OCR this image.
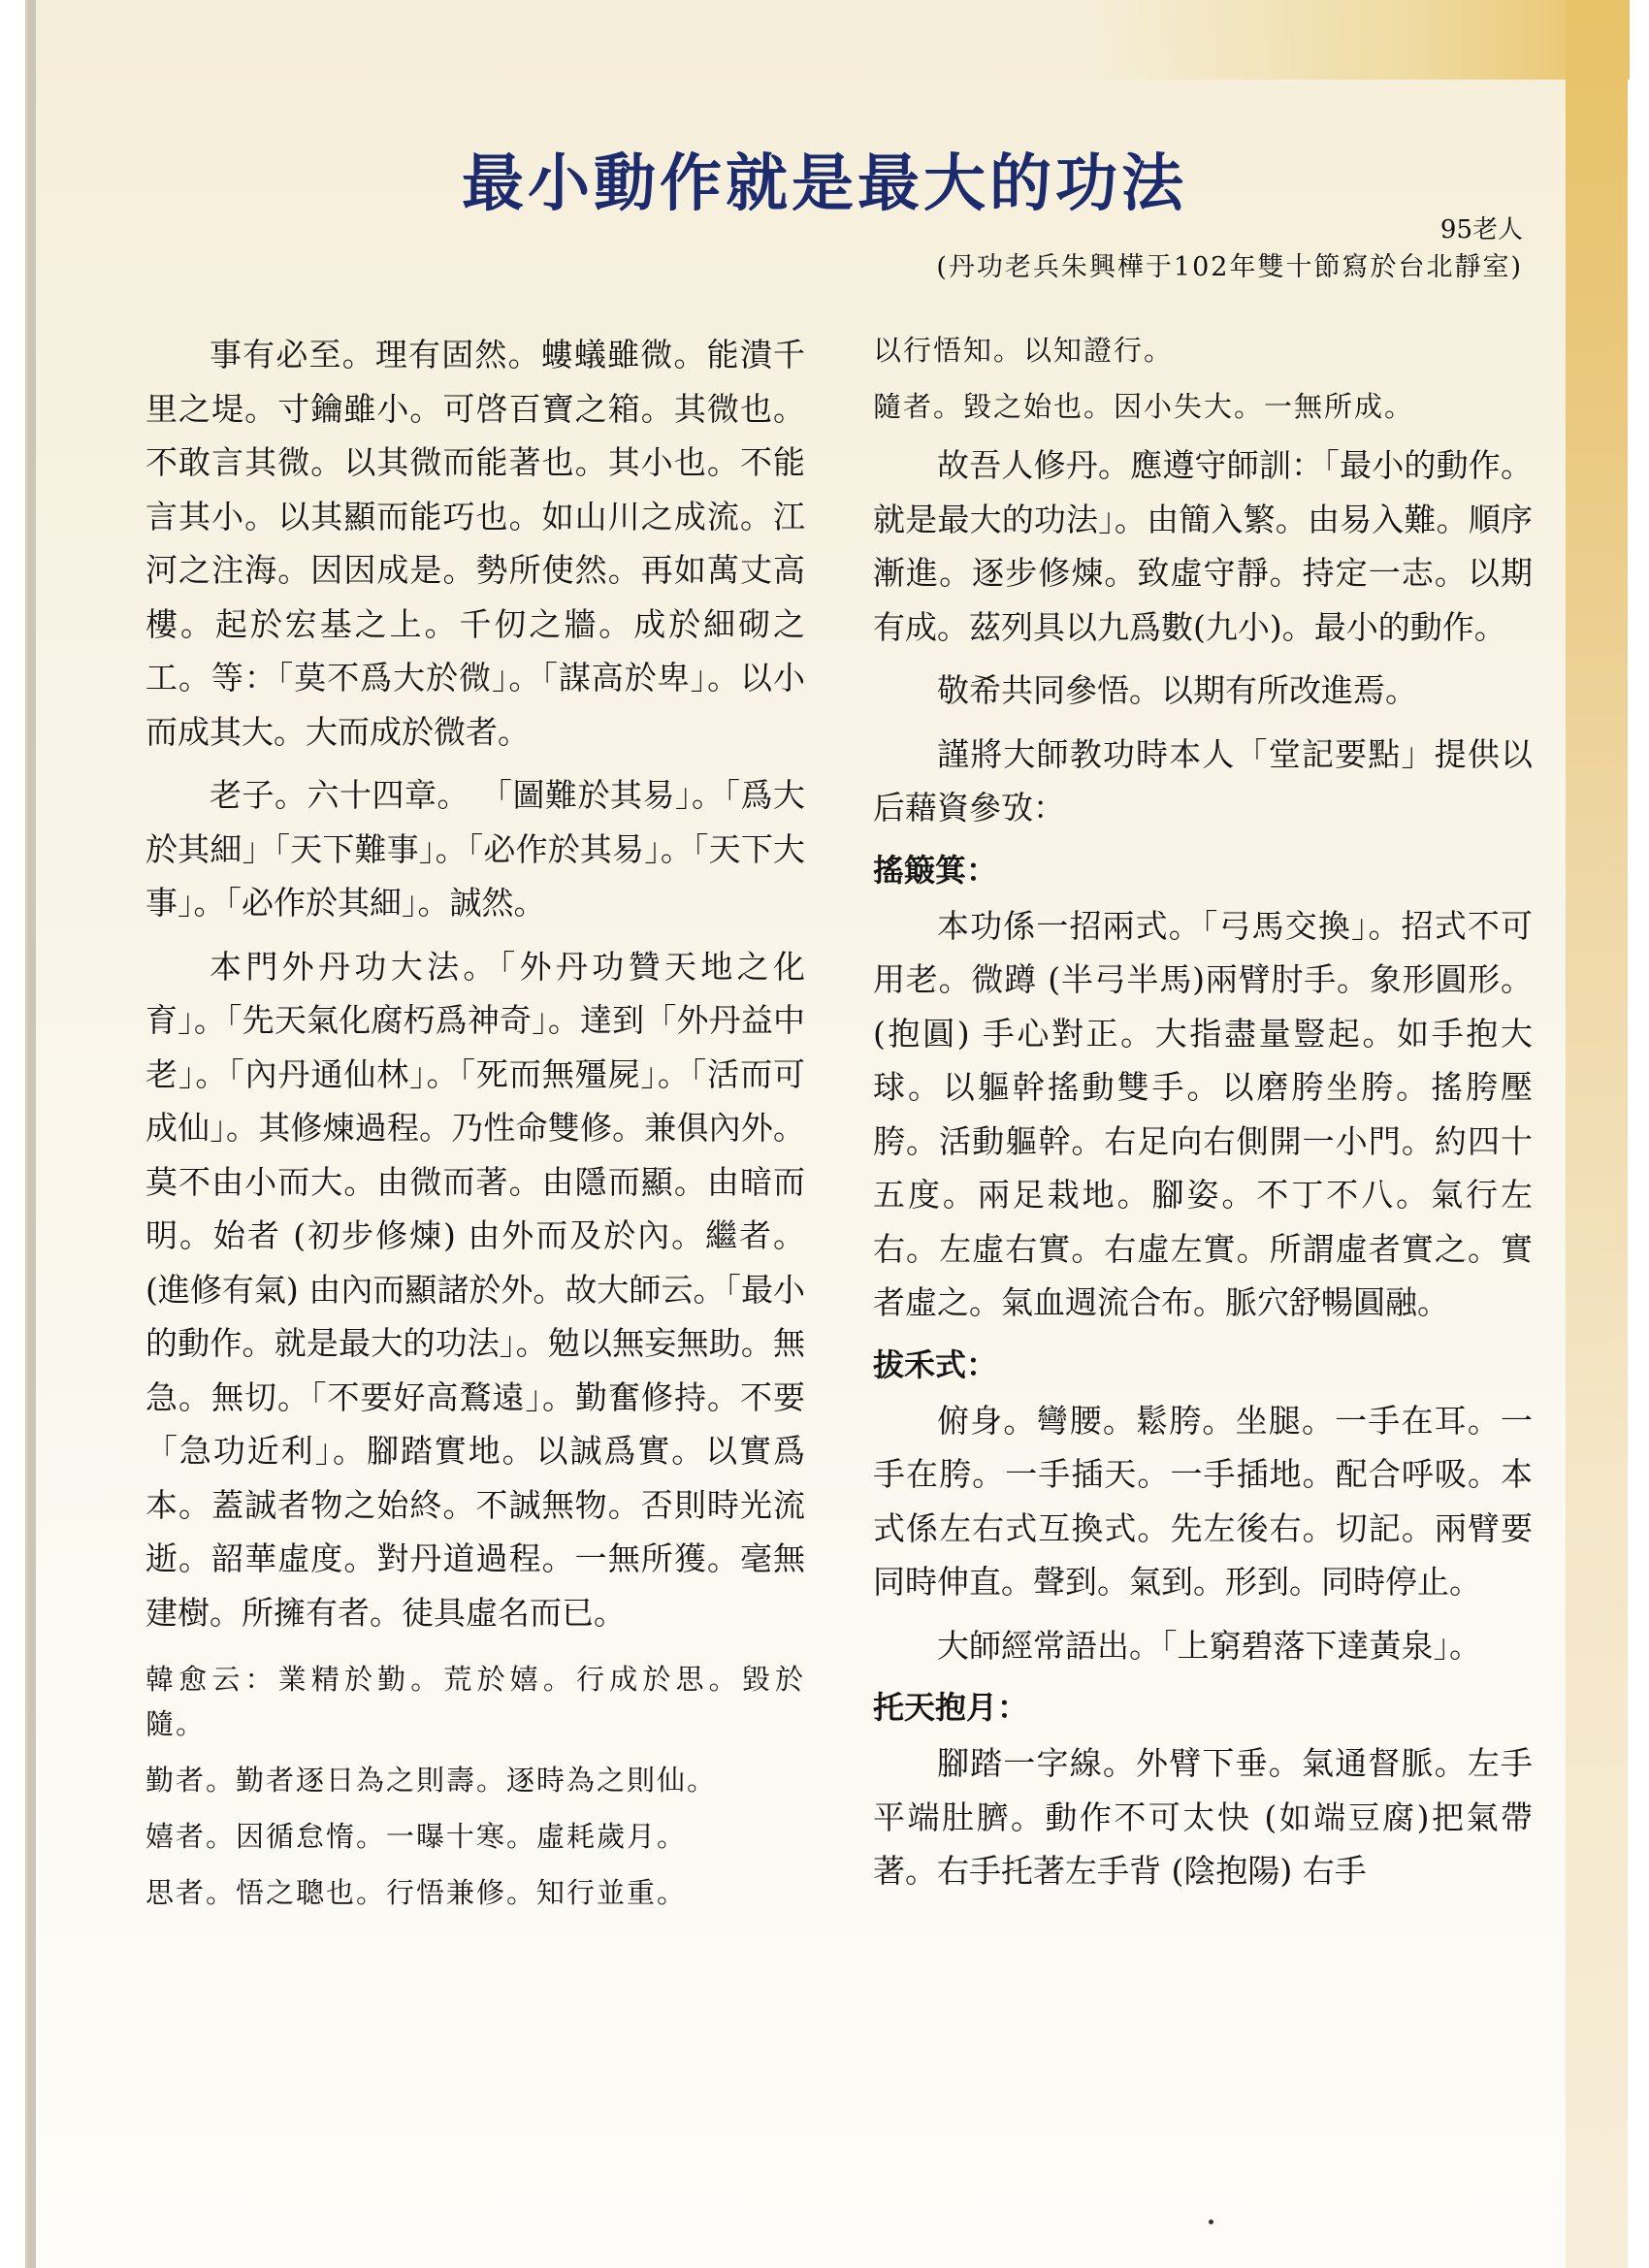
最小動作就是最大的功法
95老人
(丹功老兵朱興樺于102年雙十節寫於台北靜室)

事有必至。理有固然。螻蟻雖微。能潰千里之堤。寸鑰雖小。可啓百寶之箱。其微也。不敢言其微。以其微而能著也。其小也。不能言其小。以其顯而能巧也。如山川之成流。江河之注海。因因成是。勢所使然。再如萬丈高樓。起於宏基之上。千仞之牆。成於細砌之工。等：「莫不爲大於微」。「謀高於卑」。以小而成其大。大而成於微者。

老子。六十四章。 「圖難於其易」。「爲大於其細」「天下難事」。「必作於其易」。「天下大事」。「必作於其細」。誠然。

本門外丹功大法。「外丹功贊天地之化育」。「先天氣化腐朽爲神奇」。達到「外丹益中老」。「內丹通仙林」。「死而無殭屍」。「活而可成仙」。其修煉過程。乃性命雙修。兼俱內外。莫不由小而大。由微而著。由隱而顯。由暗而明。始者 (初步修煉) 由外而及於內。繼者。 (進修有氣) 由內而顯諸於外。故大師云。「最小的動作。就是最大的功法」。勉以無妄無助。無急。無切。「不要好高鶩遠」。勤奮修持。不要「急功近利」。腳踏實地。以誠爲實。以實爲本。蓋誠者物之始終。不誠無物。否則時光流逝。韶華虛度。對丹道過程。一無所獲。毫無建樹。所擁有者。徒具虛名而已。

韓愈云：業精於勤。荒於嬉。行成於思。毀於隨。

勤者。勤者逐日為之則壽。逐時為之則仙。

嬉者。因循怠惰。一曝十寒。虛耗歲月。

思者。悟之聰也。行悟兼修。知行並重。

以行悟知。以知證行。

隨者。毀之始也。因小失大。一無所成。

故吾人修丹。應遵守師訓：「最小的動作。就是最大的功法」。由簡入繁。由易入難。順序漸進。逐步修煉。致虛守靜。持定一志。以期有成。茲列具以九爲數(九小)。最小的動作。

敬希共同參悟。以期有所改進焉。

謹將大師教功時本人「堂記要點」提供以后藉資參攷：

搖簸箕：

本功係一招兩式。「弓馬交換」。招式不可用老。微蹲 (半弓半馬)兩臂肘手。象形圓形。(抱圓) 手心對正。大指盡量豎起。如手抱大球。以軀幹搖動雙手。以磨胯坐胯。搖胯壓胯。活動軀幹。右足向右側開一小門。約四十五度。兩足栽地。腳姿。不丁不八。氣行左右。左虛右實。右虛左實。所謂虛者實之。實者虛之。氣血週流合布。脈穴舒暢圓融。

拔禾式：

俯身。彎腰。鬆胯。坐腿。一手在耳。一手在胯。一手插天。一手插地。配合呼吸。本式係左右式互換式。先左後右。切記。兩臂要同時伸直。聲到。氣到。形到。同時停止。

大師經常語出。「上窮碧落下達黃泉」。

托天抱月：

腳踏一字線。外臂下垂。氣通督脈。左手平端肚臍。動作不可太快 (如端豆腐)把氣帶著。右手托著左手背 (陰抱陽) 右手
